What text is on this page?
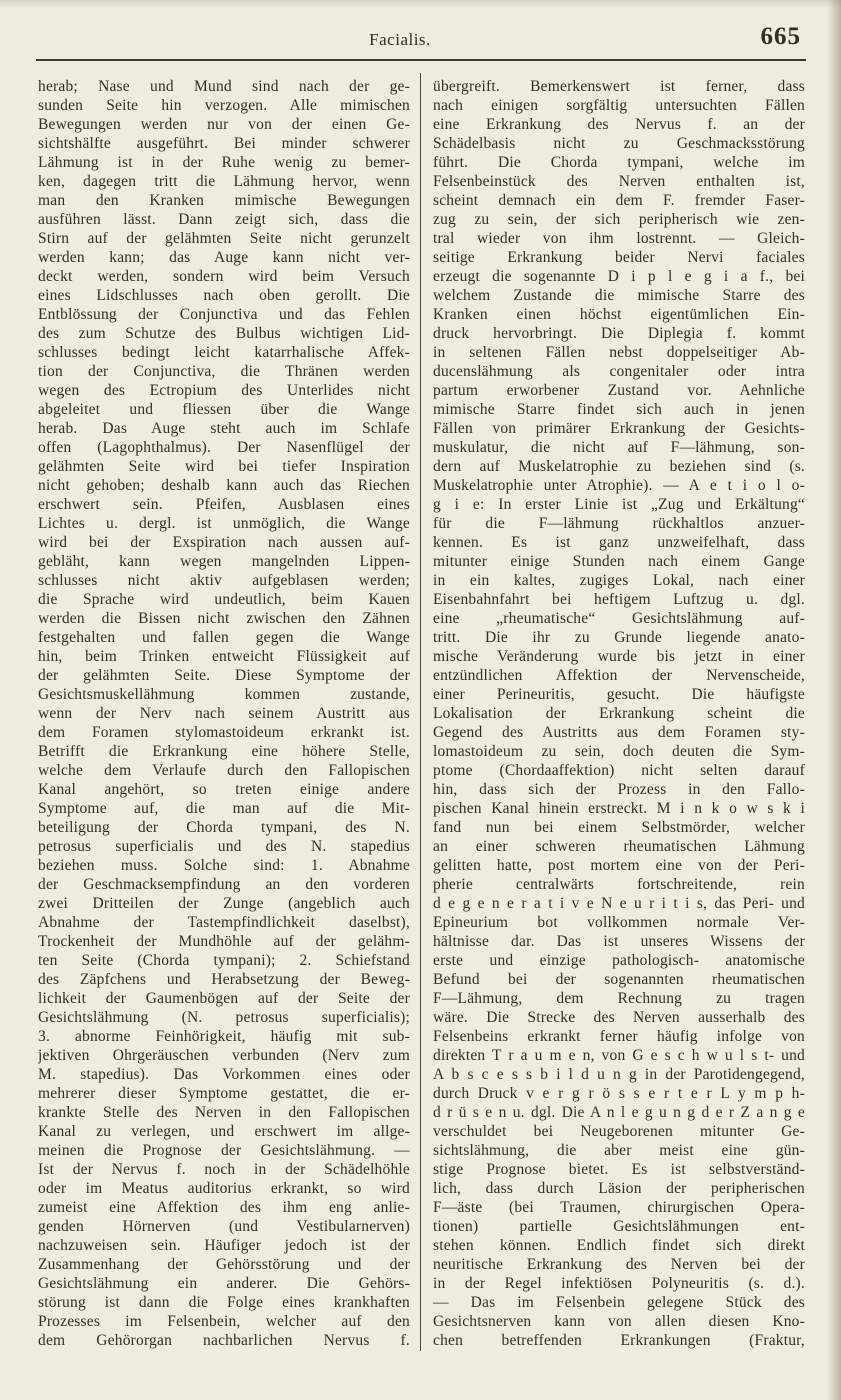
Facialis.	665
herab; Nase und Mund sind nach der ge-
sunden Seite hin verzogen. Alle mimischen
Bewegungen werden nur von der einen Ge-
sichtshälfte ausgeführt. Bei minder schwerer
Lähmung ist in der Ruhe wenig zu bemer-
ken, dagegen tritt die Lähmung hervor, wenn
man den Kranken mimische Bewegungen
ausführen lässt. Dann zeigt sich, dass die
Stirn auf der gelähmten Seite nicht gerunzelt
werden kann; das Auge kann nicht ver-
deckt werden, sondern wird beim Versuch
eines Lidschlusses nach oben gerollt. Die
Entblössung der Conjunctiva und das Fehlen
des zum Schutze des Bulbus wichtigen Lid-
schlusses bedingt leicht katarrhalische Affek-
tion der Conjunctiva, die Thränen werden
wegen des Ectropium des Unterlides nicht
abgeleitet und fliessen über die Wange
herab. Das Auge steht auch im Schlafe
offen (Lagophthalmus). Der Nasenflügel der
gelähmten Seite wird bei tiefer Inspiration
nicht gehoben; deshalb kann auch das Riechen
erschwert sein. Pfeifen, Ausblasen eines
Lichtes u. dergl. ist unmöglich, die Wange
wird bei der Exspiration nach aussen auf-
gebläht, kann wegen mangelnden Lippen-
schlusses nicht aktiv aufgeblasen werden;
die Sprache wird undeutlich, beim Kauen
werden die Bissen nicht zwischen den Zähnen
festgehalten und fallen gegen die Wange
hin, beim Trinken entweicht Flüssigkeit auf
der gelähmten Seite. Diese Symptome der
Gesichtsmuskellähmung kommen zustande,
wenn der Nerv nach seinem Austritt aus
dem Foramen stylomastoideum erkrankt ist.
Betrifft die Erkrankung eine höhere Stelle,
welche dem Verlaufe durch den Fallopischen
Kanal angehört, so treten einige andere
Symptome auf, die man auf die Mit-
beteiligung der Chorda tympani, des N.
petrosus superficialis und des N. stapedius
beziehen muss. Solche sind: 1. Abnahme
der Geschmacksempfindung an den vorderen
zwei Dritteilen der Zunge (angeblich auch
Abnahme der Tastempfindlichkeit daselbst),
Trockenheit der Mundhöhle auf der gelähm-
ten Seite (Chorda tympani); 2. Schiefstand
des Zäpfchens und Herabsetzung der Beweg-
lichkeit der Gaumenbögen auf der Seite der
Gesichtslähmung (N. petrosus superficialis);
3. abnorme Feinhörigkeit, häufig mit sub-
jektiven Ohrgeräuschen verbunden (Nerv zum
M. stapedius). Das Vorkommen eines oder
mehrerer dieser Symptome gestattet, die er-
krankte Stelle des Nerven in den Fallopischen
Kanal zu verlegen, und erschwert im allge-
meinen die Prognose der Gesichtslähmung. —
Ist der Nervus f. noch in der Schädelhöhle
oder im Meatus auditorius erkrankt, so wird
zumeist eine Affektion des ihm eng anlie-
genden Hörnerven (und Vestibularnerven)
nachzuweisen sein. Häufiger jedoch ist der
Zusammenhang der Gehörsstörung und der
Gesichtslähmung ein anderer. Die Gehörs-
störung ist dann die Folge eines krankhaften
Prozesses im Felsenbein, welcher auf den
dem Gehörorgan nachbarlichen Nervus f.
übergreift. Bemerkenswert ist ferner, dass
nach einigen sorgfältig untersuchten Fällen
eine Erkrankung des Nervus f. an der
Schädelbasis nicht zu Geschmacksstörung
führt. Die Chorda tympani, welche im
Felsenbeinstück des Nerven enthalten ist,
scheint demnach ein dem F. fremder Faser-
zug zu sein, der sich peripherisch wie zen-
tral wieder von ihm lostrennt. — Gleich-
seitige Erkrankung beider Nervi faciales
erzeugt die sogenannte D i p l e g i a f., bei
welchem Zustande die mimische Starre des
Kranken einen höchst eigentümlichen Ein-
druck hervorbringt. Die Diplegia f. kommt
in seltenen Fällen nebst doppelseitiger Ab-
ducenslähmung als congenitaler oder intra
partum erworbener Zustand vor. Aehnliche
mimische Starre findet sich auch in jenen
Fällen von primärer Erkrankung der Gesichts-
muskulatur, die nicht auf F—lähmung, son-
dern auf Muskelatrophie zu beziehen sind (s.
Muskelatrophie unter Atrophie). — A e t i o l o-
g i e: In erster Linie ist „Zug und Erkältung“
für die F—lähmung rückhaltlos anzuer-
kennen. Es ist ganz unzweifelhaft, dass
mitunter einige Stunden nach einem Gange
in ein kaltes, zugiges Lokal, nach einer
Eisenbahnfahrt bei heftigem Luftzug u. dgl.
eine „rheumatische“ Gesichtslähmung auf-
tritt. Die ihr zu Grunde liegende anato-
mische Veränderung wurde bis jetzt in einer
entzündlichen Affektion der Nervenscheide,
einer Perineuritis, gesucht. Die häufigste
Lokalisation der Erkrankung scheint die
Gegend des Austritts aus dem Foramen sty-
lomastoideum zu sein, doch deuten die Sym-
ptome (Chordaaffektion) nicht selten darauf
hin, dass sich der Prozess in den Fallo-
pischen Kanal hinein erstreckt. M i n k o w s k i
fand nun bei einem Selbstmörder, welcher
an einer schweren rheumatischen Lähmung
gelitten hatte, post mortem eine von der Peri-
pherie centralwärts fortschreitende, rein
d e g e n e r a t i v e N e u r i t i s, das Peri- und
Epineurium bot vollkommen normale Ver-
hältnisse dar. Das ist unseres Wissens der
erste und einzige pathologisch- anatomische
Befund bei der sogenannten rheumatischen
F—Lähmung, dem Rechnung zu tragen
wäre. Die Strecke des Nerven ausserhalb des
Felsenbeins erkrankt ferner häufig infolge von
direkten T r a u m e n, von G e s c h w u l s t- und
A b s c e s s b i l d u n g in der Parotidengegend,
durch Druck v e r g r ö s s e r t e r L y m p h-
d r ü s e n u. dgl. Die A n l e g u n g d e r Z a n g e
verschuldet bei Neugeborenen mitunter Ge-
sichtslähmung, die aber meist eine gün-
stige Prognose bietet. Es ist selbstverständ-
lich, dass durch Läsion der peripherischen
F—äste (bei Traumen, chirurgischen Opera-
tionen) partielle Gesichtslähmungen ent-
stehen können. Endlich findet sich direkt
neuritische Erkrankung des Nerven bei der
in der Regel infektiösen Polyneuritis (s. d.).
— Das im Felsenbein gelegene Stück des
Gesichtsnerven kann von allen diesen Kno-
chen betreffenden Erkrankungen (Fraktur,
